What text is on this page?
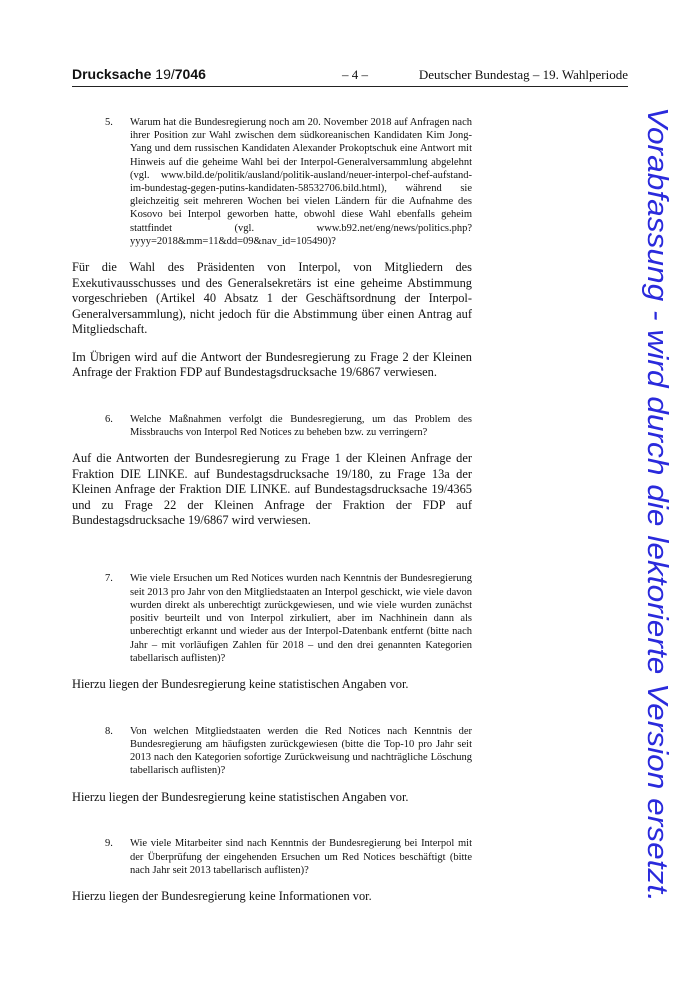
Drucksache 19/7046	– 4 –	Deutscher Bundestag – 19. Wahlperiode
5. Warum hat die Bundesregierung noch am 20. November 2018 auf Anfragen nach ihrer Position zur Wahl zwischen dem südkoreanischen Kandidaten Kim Jong-Yang und dem russischen Kandidaten Alexander Prokoptschuk eine Antwort mit Hinweis auf die geheime Wahl bei der Interpol-Generalversammlung abgelehnt (vgl. www.bild.de/politik/ausland/politik-ausland/neuer-interpol-chef-aufstand-im-bundestag-gegen-putins-kandidaten-58532706.bild.html), während sie gleichzeitig seit mehreren Wochen bei vielen Ländern für die Aufnahme des Kosovo bei Interpol geworben hatte, obwohl diese Wahl ebenfalls geheim stattfindet (vgl. www.b92.net/eng/news/politics.php?yyyy=2018&mm=11&dd=09&nav_id=105490)?

Für die Wahl des Präsidenten von Interpol, von Mitgliedern des Exekutivausschusses und des Generalsekretärs ist eine geheime Abstimmung vorgeschrieben (Artikel 40 Absatz 1 der Geschäftsordnung der Interpol-Generalversammlung), nicht jedoch für die Abstimmung über einen Antrag auf Mitgliedschaft.

Im Übrigen wird auf die Antwort der Bundesregierung zu Frage 2 der Kleinen Anfrage der Fraktion FDP auf Bundestagsdrucksache 19/6867 verwiesen.

6. Welche Maßnahmen verfolgt die Bundesregierung, um das Problem des Missbrauchs von Interpol Red Notices zu beheben bzw. zu verringern?

Auf die Antworten der Bundesregierung zu Frage 1 der Kleinen Anfrage der Fraktion DIE LINKE. auf Bundestagsdrucksache 19/180, zu Frage 13a der Kleinen Anfrage der Fraktion DIE LINKE. auf Bundestagsdrucksache 19/4365 und zu Frage 22 der Kleinen Anfrage der Fraktion der FDP auf Bundestagsdrucksache 19/6867 wird verwiesen.

7. Wie viele Ersuchen um Red Notices wurden nach Kenntnis der Bundesregierung seit 2013 pro Jahr von den Mitgliedstaaten an Interpol geschickt, wie viele davon wurden direkt als unberechtigt zurückgewiesen, und wie viele wurden zunächst positiv beurteilt und von Interpol zirkuliert, aber im Nachhinein dann als unberechtigt erkannt und wieder aus der Interpol-Datenbank entfernt (bitte nach Jahr – mit vorläufigen Zahlen für 2018 – und den drei genannten Kategorien tabellarisch auflisten)?

Hierzu liegen der Bundesregierung keine statistischen Angaben vor.

8. Von welchen Mitgliedstaaten werden die Red Notices nach Kenntnis der Bundesregierung am häufigsten zurückgewiesen (bitte die Top-10 pro Jahr seit 2013 nach den Kategorien sofortige Zurückweisung und nachträgliche Löschung tabellarisch auflisten)?

Hierzu liegen der Bundesregierung keine statistischen Angaben vor.

9. Wie viele Mitarbeiter sind nach Kenntnis der Bundesregierung bei Interpol mit der Überprüfung der eingehenden Ersuchen um Red Notices beschäftigt (bitte nach Jahr seit 2013 tabellarisch auflisten)?

Hierzu liegen der Bundesregierung keine Informationen vor.

Vorabfassung - wird durch die lektorierte Version ersetzt.
